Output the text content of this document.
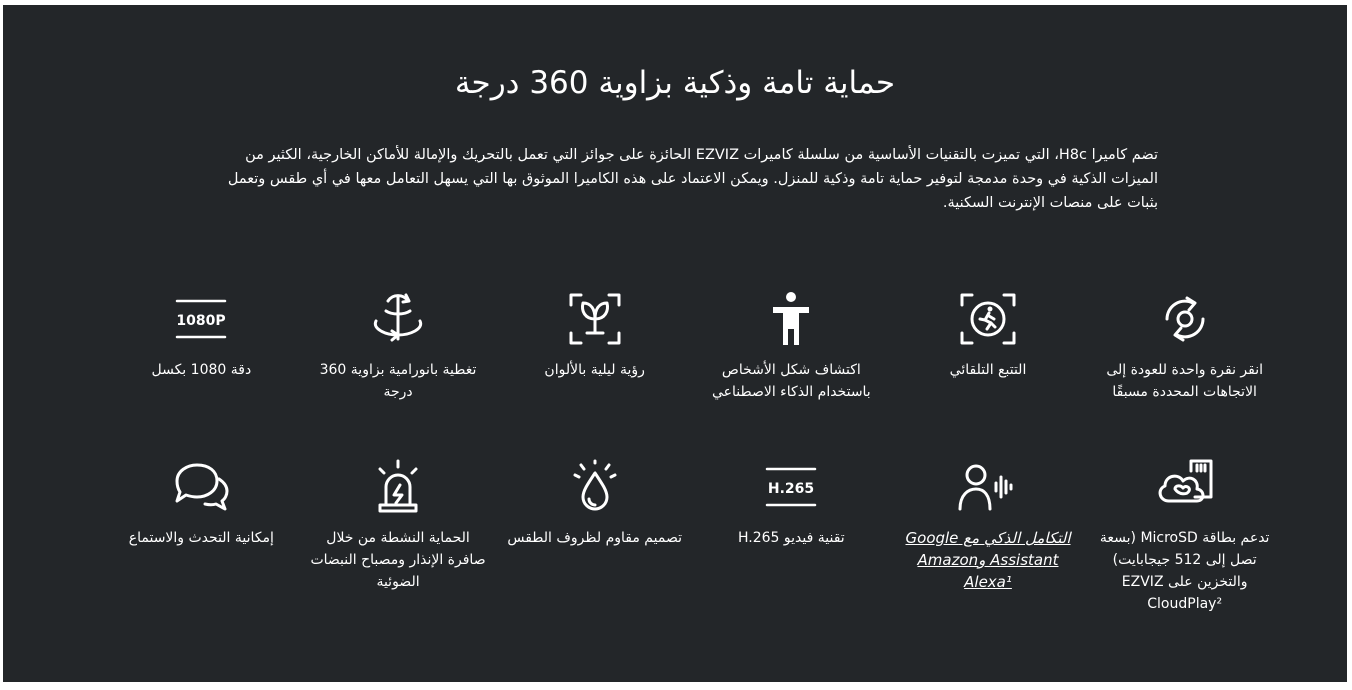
حماية تامة وذكية بزاوية 360 درجة

تضم كاميرا H8c، التي تميزت بالتقنيات الأساسية من سلسلة كاميرات EZVIZ الحائزة على جوائز التي تعمل بالتحريك والإمالة للأماكن الخارجية، الكثير من الميزات الذكية في وحدة مدمجة لتوفير حماية تامة وذكية للمنزل. ويمكن الاعتماد على هذه الكاميرا الموثوق بها التي يسهل التعامل معها في أي طقس وتعمل بثبات على منصات الإنترنت السكنية.

انقر نقرة واحدة للعودة إلى الاتجاهات المحددة مسبقًا
التتبع التلقائي
اكتشاف شكل الأشخاص باستخدام الذكاء الاصطناعي
رؤية ليلية بالألوان
تغطية بانورامية بزاوية 360 درجة
1080P
دقة 1080 بكسل
تدعم بطاقة MicroSD (بسعة تصل إلى 512 جيجابايت) والتخزين على EZVIZ CloudPlay²
التكامل الذكي مع Google Assistant وAmazon Alexa¹
H.265
تقنية فيديو H.265
تصميم مقاوم لظروف الطقس
الحماية النشطة من خلال صافرة الإنذار ومصباح النبضات الضوئية
إمكانية التحدث والاستماع
